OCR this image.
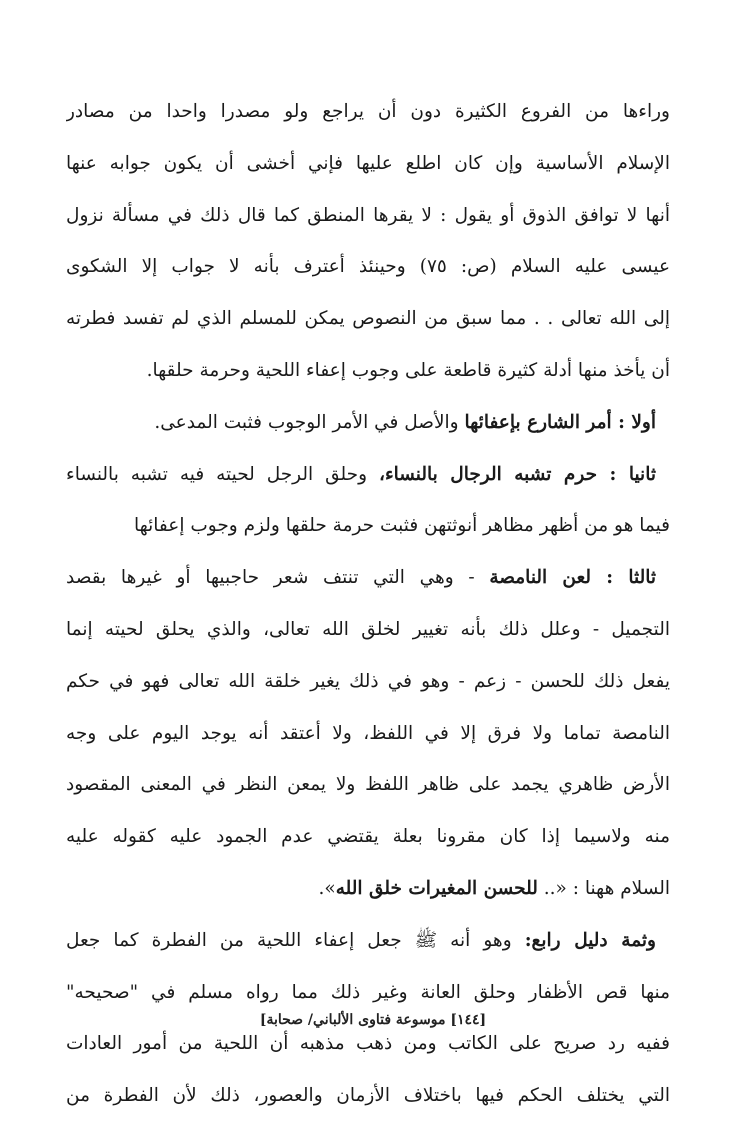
وراءها من الفروع الكثيرة دون أن يراجع ولو مصدرا واحدا من مصادر
الإسلام الأساسية وإن كان اطلع عليها فإني أخشى أن يكون جوابه عنها
أنها لا توافق الذوق أو يقول : لا يقرها المنطق كما قال ذلك في مسألة نزول
عيسى عليه السلام (ص: ٧٥) وحينئذ أعترف بأنه لا جواب إلا الشكوى
إلى الله تعالى . . مما سبق من النصوص يمكن للمسلم الذي لم تفسد فطرته
أن يأخذ منها أدلة كثيرة قاطعة على وجوب إعفاء اللحية وحرمة حلقها.
أولا : أمر الشارع بإعفائها والأصل في الأمر الوجوب فثبت المدعى.
ثانيا : حرم تشبه الرجال بالنساء، وحلق الرجل لحيته فيه تشبه بالنساء
فيما هو من أظهر مظاهر أنوثتهن فثبت حرمة حلقها ولزم وجوب إعفائها
ثالثا : لعن النامصة - وهي التي تنتف شعر حاجبيها أو غيرها بقصد
التجميل - وعلل ذلك بأنه تغيير لخلق الله تعالى، والذي يحلق لحيته إنما
يفعل ذلك للحسن - زعم - وهو في ذلك يغير خلقة الله تعالى فهو في حكم
النامصة تماما ولا فرق إلا في اللفظ، ولا أعتقد أنه يوجد اليوم على وجه
الأرض ظاهري يجمد على ظاهر اللفظ ولا يمعن النظر في المعنى المقصود
منه ولاسيما إذا كان مقرونا بعلة يقتضي عدم الجمود عليه كقوله عليه
السلام ههنا : «.. للحسن المغيرات خلق الله».
وثمة دليل رابع: وهو أنه ﷺ جعل إعفاء اللحية من الفطرة كما جعل
منها قص الأظفار وحلق العانة وغير ذلك مما رواه مسلم في "صحيحه"
ففيه رد صريح على الكاتب ومن ذهب مذهبه أن اللحية من أمور العادات
التي يختلف الحكم فيها باختلاف الأزمان والعصور، ذلك لأن الفطرة من
[١٤٤] موسوعة فتاوى الألباني/ صحابة]
